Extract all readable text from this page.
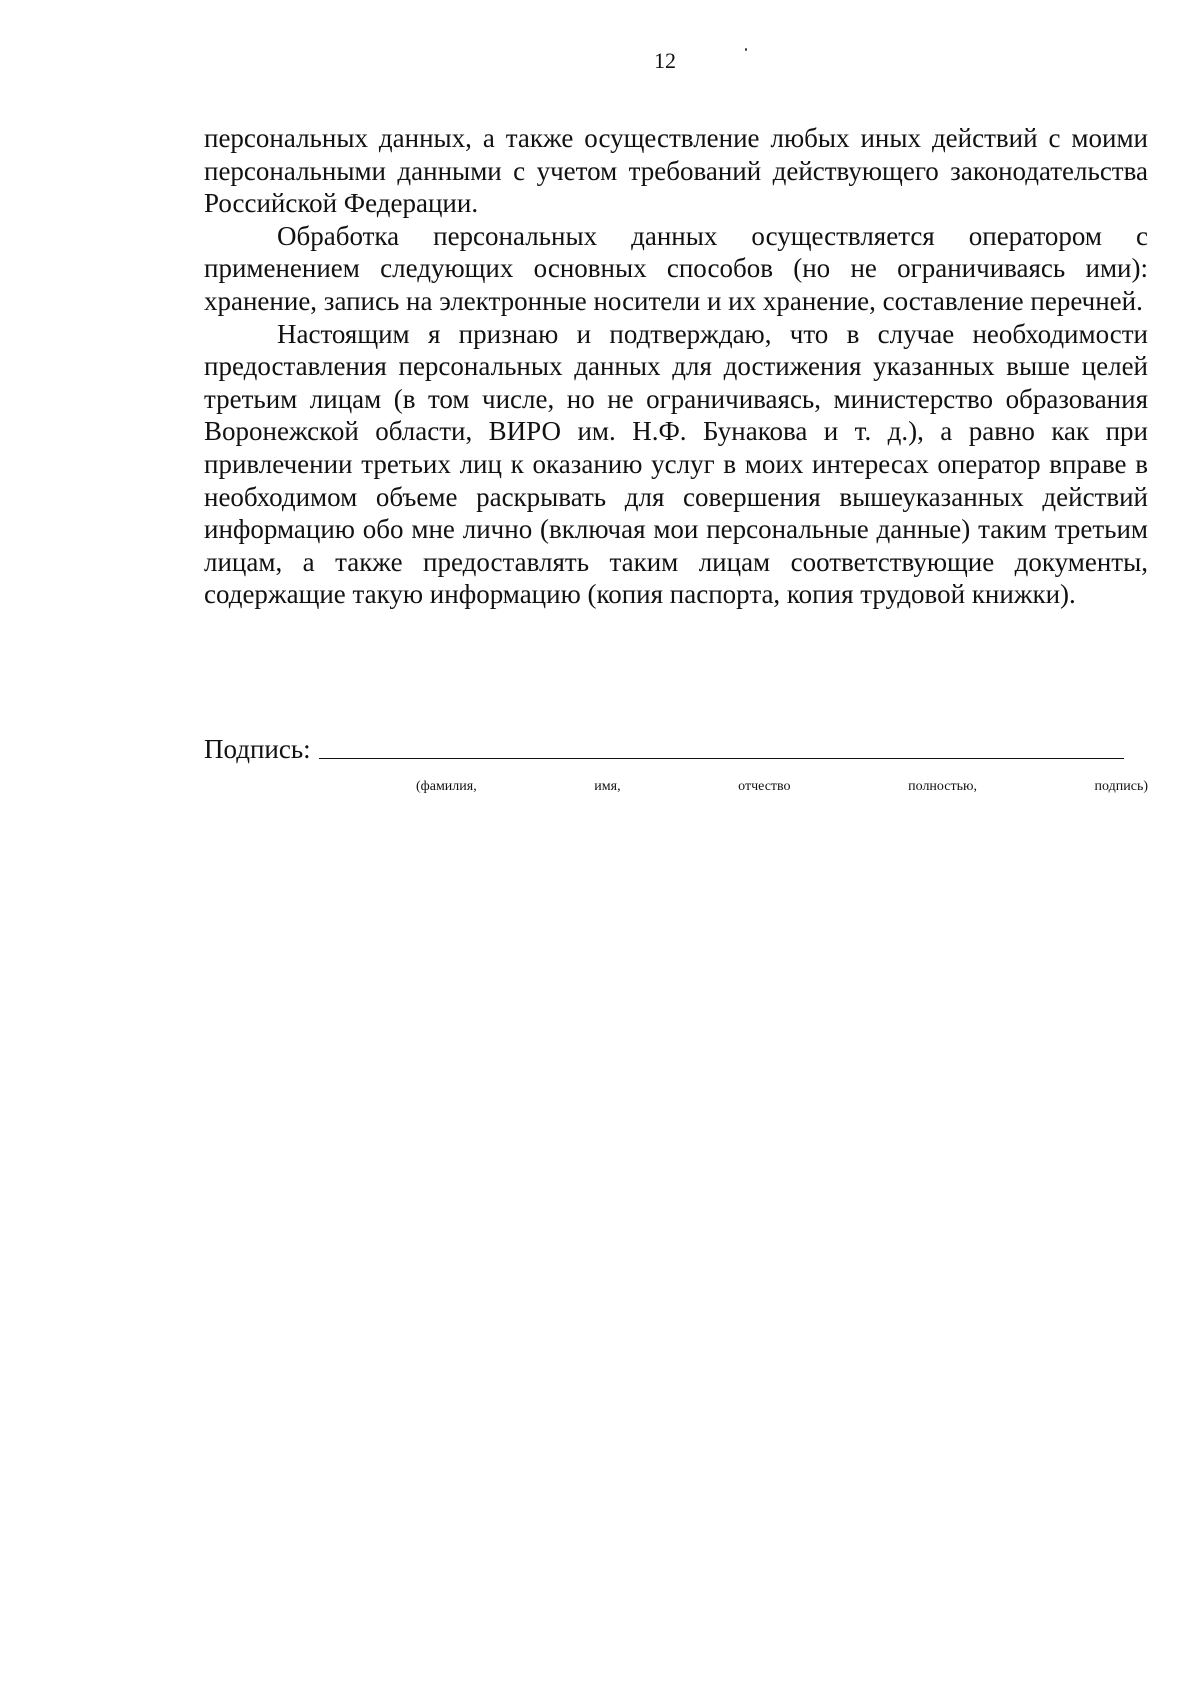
12

персональных данных, а также осуществление любых иных действий с моими персональными данными с учетом требований действующего законодательства Российской Федерации.

Обработка персональных данных осуществляется оператором с применением следующих основных способов (но не ограничиваясь ими): хранение, запись на электронные носители и их хранение, составление перечней.

Настоящим я признаю и подтверждаю, что в случае необходимости предоставления персональных данных для достижения указанных выше целей третьим лицам (в том числе, но не ограничиваясь, министерство образования Воронежской области, ВИРО им. Н.Ф. Бунакова и т. д.), а равно как при привлечении третьих лиц к оказанию услуг в моих интересах оператор вправе в необходимом объеме раскрывать для совершения вышеуказанных действий информацию обо мне лично (включая мои персональные данные) таким третьим лицам, а также предоставлять таким лицам соответствующие документы, содержащие такую информацию (копия паспорта, копия трудовой книжки).

Подпись:
(фамилия,	имя,	отчество	полностью,	подпись)
